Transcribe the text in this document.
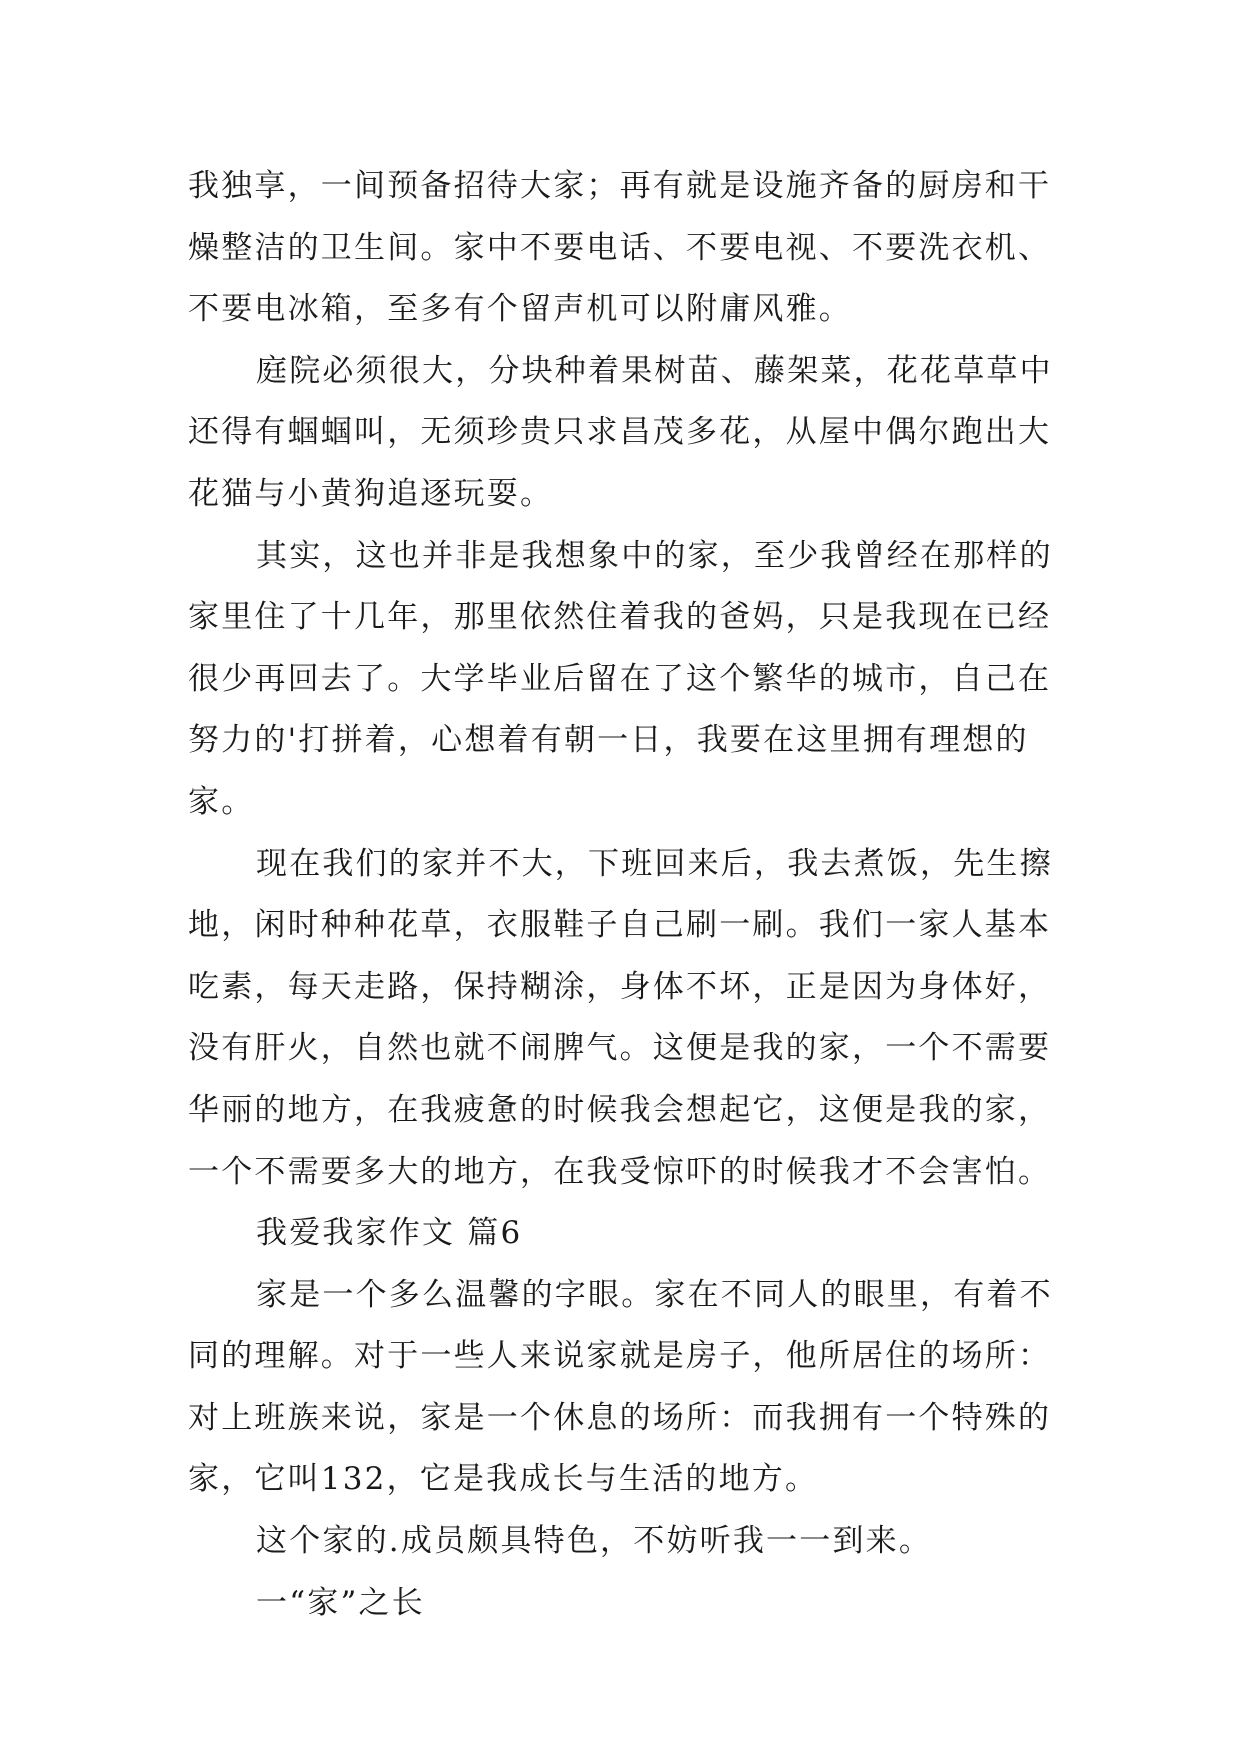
我独享，一间预备招待大家；再有就是设施齐备的厨房和干
燥整洁的卫生间。家中不要电话、不要电视、不要洗衣机、
不要电冰箱，至多有个留声机可以附庸风雅。
庭院必须很大，分块种着果树苗、藤架菜，花花草草中
还得有蝈蝈叫，无须珍贵只求昌茂多花，从屋中偶尔跑出大
花猫与小黄狗追逐玩耍。
其实，这也并非是我想象中的家，至少我曾经在那样的
家里住了十几年，那里依然住着我的爸妈，只是我现在已经
很少再回去了。大学毕业后留在了这个繁华的城市，自己在
努力的'打拼着，心想着有朝一日，我要在这里拥有理想的
家。
现在我们的家并不大，下班回来后，我去煮饭，先生擦
地，闲时种种花草，衣服鞋子自己刷一刷。我们一家人基本
吃素，每天走路，保持糊涂，身体不坏，正是因为身体好，
没有肝火，自然也就不闹脾气。这便是我的家，一个不需要
华丽的地方，在我疲惫的时候我会想起它，这便是我的家，
一个不需要多大的地方，在我受惊吓的时候我才不会害怕。
我爱我家作文 篇6
家是一个多么温馨的字眼。家在不同人的眼里，有着不
同的理解。对于一些人来说家就是房子，他所居住的场所：
对上班族来说，家是一个休息的场所：而我拥有一个特殊的
家，它叫132，它是我成长与生活的地方。
这个家的.成员颇具特色，不妨听我一一到来。
一“家”之长
